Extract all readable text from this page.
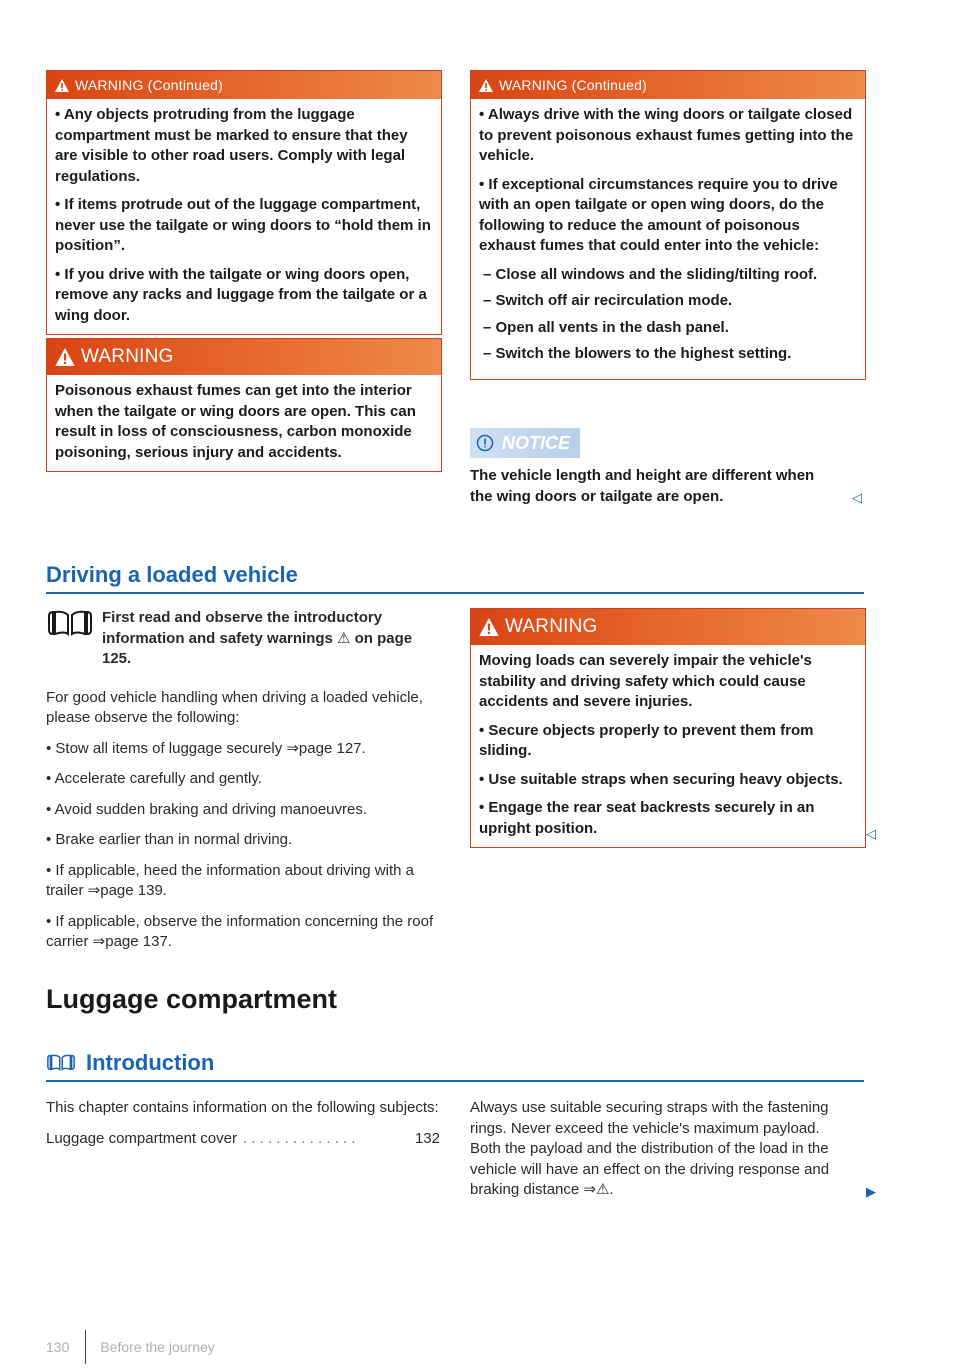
WARNING (Continued)

• Any objects protruding from the luggage compartment must be marked to ensure that they are visible to other road users. Comply with legal regulations.

• If items protrude out of the luggage compartment, never use the tailgate or wing doors to “hold them in position”.

• If you drive with the tailgate or wing doors open, remove any racks and luggage from the tailgate or a wing door.

WARNING

Poisonous exhaust fumes can get into the interior when the tailgate or wing doors are open. This can result in loss of consciousness, carbon monoxide poisoning, serious injury and accidents.

WARNING (Continued)

• Always drive with the wing doors or tailgate closed to prevent poisonous exhaust fumes getting into the vehicle.

• If exceptional circumstances require you to drive with an open tailgate or open wing doors, do the following to reduce the amount of poisonous exhaust fumes that could enter into the vehicle:

– Close all windows and the sliding/tilting roof.

– Switch off air recirculation mode.

– Open all vents in the dash panel.

– Switch the blowers to the highest setting.

NOTICE

The vehicle length and height are different when the wing doors or tailgate are open.	◁
Driving a loaded vehicle

First read and observe the introductory information and safety warnings ⚠ on page 125.

For good vehicle handling when driving a loaded vehicle, please observe the following:

• Stow all items of luggage securely ⇒page 127.

• Accelerate carefully and gently.

• Avoid sudden braking and driving manoeuvres.

• Brake earlier than in normal driving.

• If applicable, heed the information about driving with a trailer ⇒page 139.

• If applicable, observe the information concerning the roof carrier ⇒page 137.

WARNING

Moving loads can severely impair the vehicle's stability and driving safety which could cause accidents and severe injuries.

• Secure objects properly to prevent them from sliding.

• Use suitable straps when securing heavy objects.

• Engage the rear seat backrests securely in an upright position.	◁
Luggage compartment
Introduction

This chapter contains information on the following subjects:

Luggage compartment cover . . . . . . . . . . . . . .	132

Always use suitable securing straps with the fastening rings. Never exceed the vehicle's maximum payload. Both the payload and the distribution of the load in the vehicle will have an effect on the driving response and braking distance ⇒⚠.	▶
130 Before the journey
